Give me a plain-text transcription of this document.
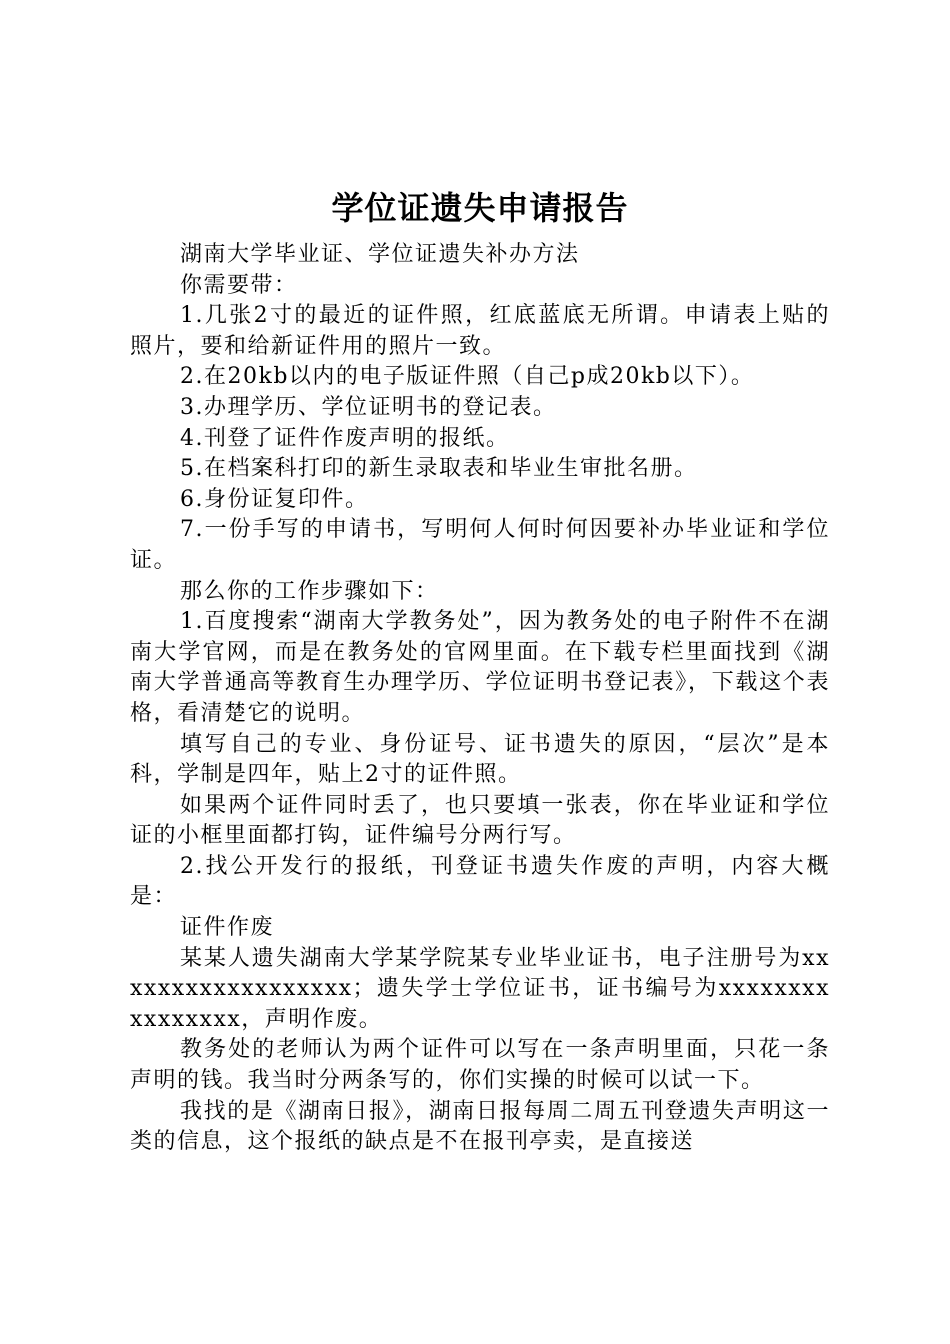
学位证遗失申请报告

湖南大学毕业证、学位证遗失补办方法

你需要带：

1.几张2寸的最近的证件照，红底蓝底无所谓。申请表上贴的照片，要和给新证件用的照片一致。

2.在20kb以内的电子版证件照（自己p成20kb以下）。

3.办理学历、学位证明书的登记表。

4.刊登了证件作废声明的报纸。

5.在档案科打印的新生录取表和毕业生审批名册。

6.身份证复印件。

7.一份手写的申请书，写明何人何时何因要补办毕业证和学位证。

那么你的工作步骤如下：

1.百度搜索“湖南大学教务处”，因为教务处的电子附件不在湖南大学官网，而是在教务处的官网里面。在下载专栏里面找到《湖南大学普通高等教育生办理学历、学位证明书登记表》，下载这个表格，看清楚它的说明。

填写自己的专业、身份证号、证书遗失的原因，“层次”是本科，学制是四年，贴上2寸的证件照。

如果两个证件同时丢了，也只要填一张表，你在毕业证和学位证的小框里面都打钩，证件编号分两行写。

2.找公开发行的报纸，刊登证书遗失作废的声明，内容大概是：

证件作废

某某人遗失湖南大学某学院某专业毕业证书，电子注册号为xxxxxxxxxxxxxxxxxx；遗失学士学位证书，证书编号为xxxxxxxxxxxxxxxx，声明作废。

教务处的老师认为两个证件可以写在一条声明里面，只花一条声明的钱。我当时分两条写的，你们实操的时候可以试一下。

我找的是《湖南日报》，湖南日报每周二周五刊登遗失声明这一类的信息，这个报纸的缺点是不在报刊亭卖，是直接送
